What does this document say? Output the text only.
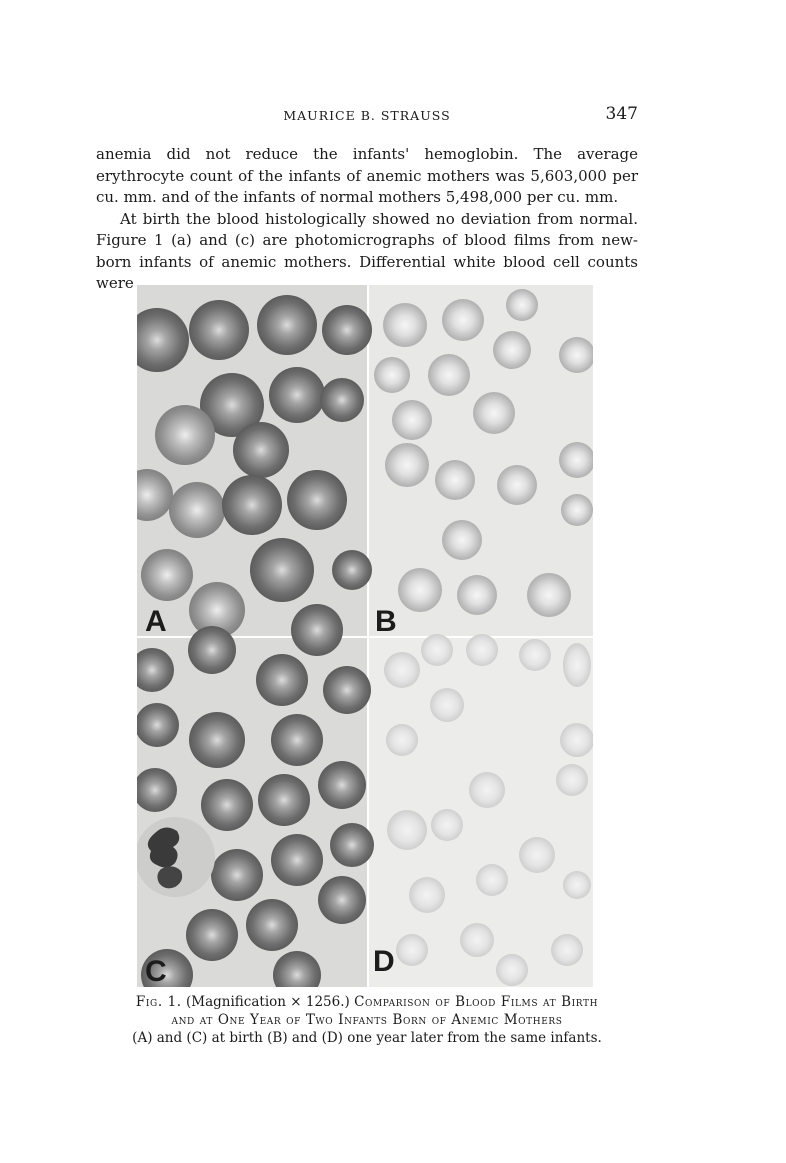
MAURICE B. STRAUSS	347

anemia did not reduce the infants' hemoglobin. The average erythrocyte count of the infants of anemic mothers was 5,603,000 per cu. mm. and of the infants of normal mothers 5,498,000 per cu. mm.

At birth the blood histologically showed no deviation from normal. Figure 1 (a) and (c) are photomicrographs of blood films from new-born infants of anemic mothers. Differential white blood cell counts were

A	B
C	D
Fig. 1. (Magnification × 1256.) Comparison of Blood Films at Birth
and at One Year of Two Infants Born of Anemic Mothers
(A) and (C) at birth (B) and (D) one year later from the same infants.
